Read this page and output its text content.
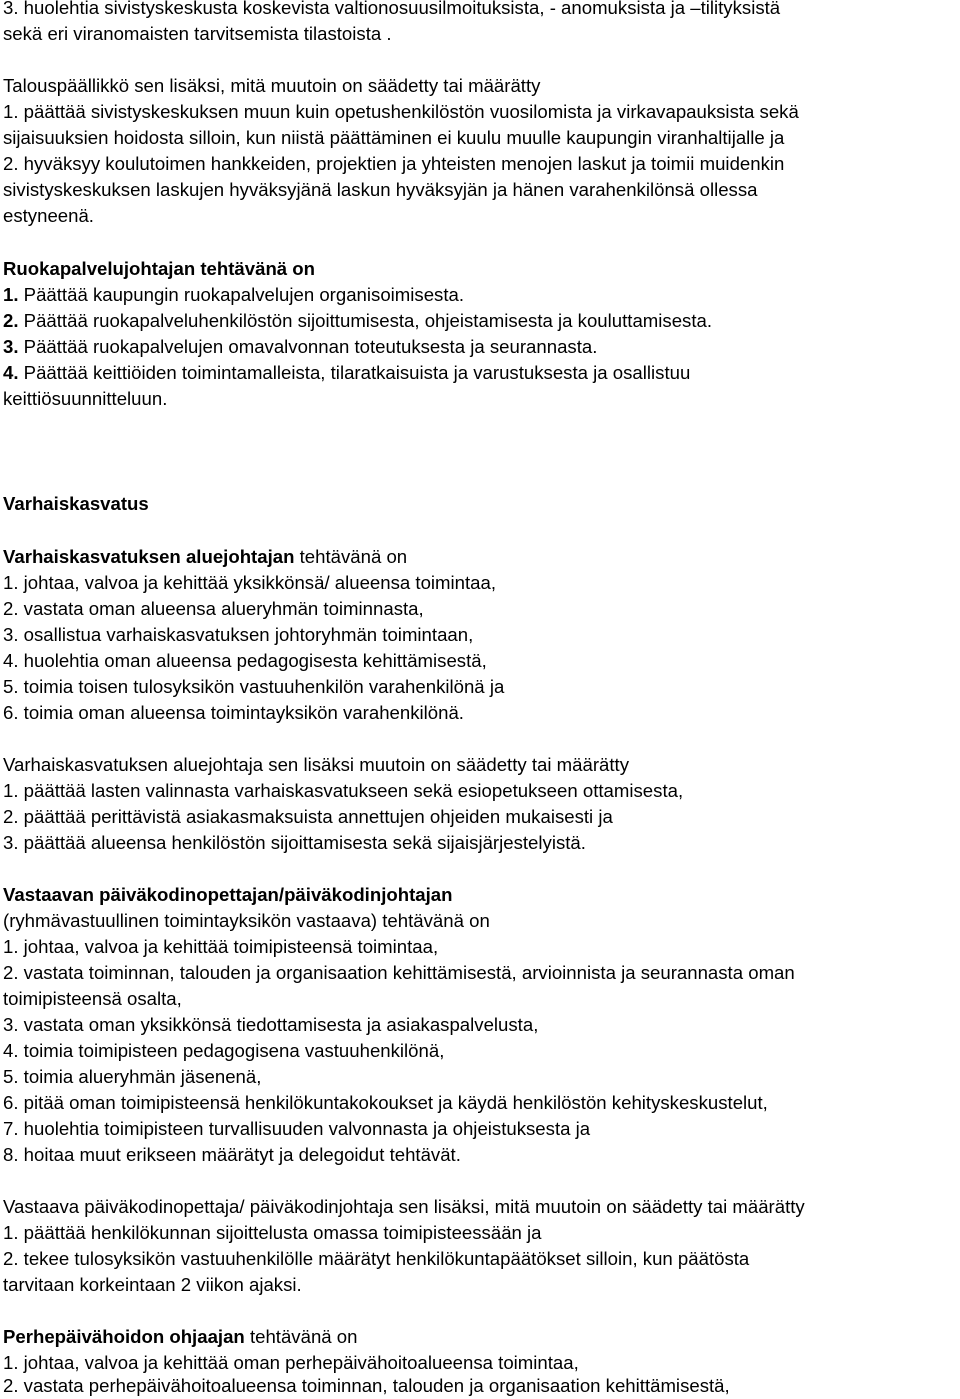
3. huolehtia sivistyskeskusta koskevista valtionosuusilmoituksista, - anomuksista ja –tilityksistä
sekä eri viranomaisten tarvitsemista tilastoista .
Talouspäällikkö sen lisäksi, mitä muutoin on säädetty tai määrätty
1. päättää sivistyskeskuksen muun kuin opetushenkilöstön vuosilomista ja virkavapauksista sekä
sijaisuuksien hoidosta silloin, kun niistä päättäminen ei kuulu muulle kaupungin viranhaltijalle ja
2. hyväksyy koulutoimen hankkeiden, projektien ja yhteisten menojen laskut ja toimii muidenkin
sivistyskeskuksen laskujen hyväksyjänä laskun hyväksyjän ja hänen varahenkilönsä ollessa
estyneenä.
Ruokapalvelujohtajan tehtävänä on
1. Päättää kaupungin ruokapalvelujen organisoimisesta.
2. Päättää ruokapalveluhenkilöstön sijoittumisesta, ohjeistamisesta ja kouluttamisesta.
3. Päättää ruokapalvelujen omavalvonnan toteutuksesta ja seurannasta.
4. Päättää keittiöiden toimintamalleista, tilaratkaisuista ja varustuksesta ja osallistuu
keittiösuunnitteluun.
Varhaiskasvatus
Varhaiskasvatuksen aluejohtajan tehtävänä on
1. johtaa, valvoa ja kehittää yksikkönsä/ alueensa toimintaa,
2. vastata oman alueensa alueryhmän toiminnasta,
3. osallistua varhaiskasvatuksen johtoryhmän toimintaan,
4. huolehtia oman alueensa pedagogisesta kehittämisestä,
5. toimia toisen tulosyksikön vastuuhenkilön varahenkilönä ja
6. toimia oman alueensa toimintayksikön varahenkilönä.
Varhaiskasvatuksen aluejohtaja sen lisäksi muutoin on säädetty tai määrätty
1. päättää lasten valinnasta varhaiskasvatukseen sekä esiopetukseen ottamisesta,
2. päättää perittävistä asiakasmaksuista annettujen ohjeiden mukaisesti ja
3. päättää alueensa henkilöstön sijoittamisesta sekä sijaisjärjestelyistä.
Vastaavan päiväkodinopettajan/päiväkodinjohtajan
(ryhmävastuullinen toimintayksikön vastaava) tehtävänä on
1. johtaa, valvoa ja kehittää toimipisteensä toimintaa,
2. vastata toiminnan, talouden ja organisaation kehittämisestä, arvioinnista ja seurannasta oman
toimipisteensä osalta,
3. vastata oman yksikkönsä tiedottamisesta ja asiakaspalvelusta,
4. toimia toimipisteen pedagogisena vastuuhenkilönä,
5. toimia alueryhmän jäsenenä,
6. pitää oman toimipisteensä henkilökuntakokoukset ja käydä henkilöstön kehityskeskustelut,
7. huolehtia toimipisteen turvallisuuden valvonnasta ja ohjeistuksesta ja
8. hoitaa muut erikseen määrätyt ja delegoidut tehtävät.
Vastaava päiväkodinopettaja/ päiväkodinjohtaja sen lisäksi, mitä muutoin on säädetty tai määrätty
1. päättää henkilökunnan sijoittelusta omassa toimipisteessään ja
2. tekee tulosyksikön vastuuhenkilölle määrätyt henkilökuntapäätökset silloin, kun päätösta
tarvitaan korkeintaan 2 viikon ajaksi.
Perhepäivähoidon ohjaajan tehtävänä on
1. johtaa, valvoa ja kehittää oman perhepäivähoitoalueensa toimintaa,
2. vastata perhepäivähoitoalueensa toiminnan, talouden ja organisaation kehittämisestä,
